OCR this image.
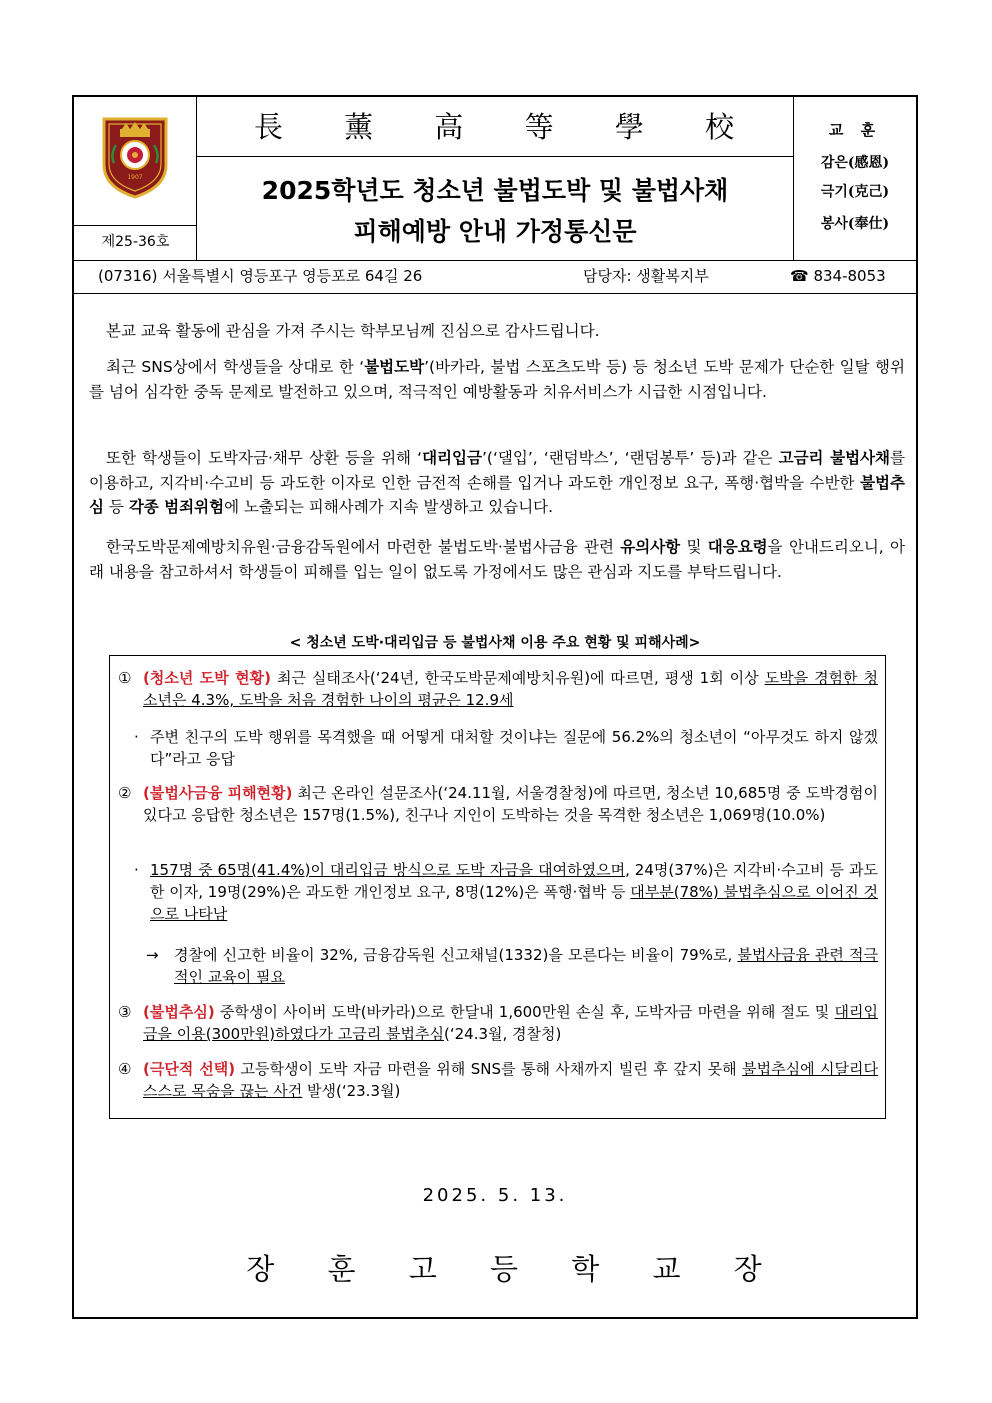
1907
제25-36호
長 薰 高 等 學 校
2025학년도 청소년 불법도박 및 불법사채
피해예방 안내 가정통신문
교 훈
감은(感恩)
극기(克己)
봉사(奉仕)
(07316) 서울특별시 영등포구 영등포로 64길 26	담당자: 생활복지부	☎ 834-8053
본교 교육 활동에 관심을 가져 주시는 학부모님께 진심으로 감사드립니다.
최근 SNS상에서 학생들을 상대로 한 ‘불법도박’(바카라, 불법 스포츠도박 등) 등 청소년 도박 문제가 단순한 일탈 행위를 넘어 심각한 중독 문제로 발전하고 있으며, 적극적인 예방활동과 치유서비스가 시급한 시점입니다.
또한 학생들이 도박자금·채무 상환 등을 위해 ‘대리입금’(‘댈입’, ‘랜덤박스’, ‘랜덤봉투’ 등)과 같은 고금리 불법사채를 이용하고, 지각비·수고비 등 과도한 이자로 인한 금전적 손해를 입거나 과도한 개인정보 요구, 폭행·협박을 수반한 불법추심 등 각종 범죄위험에 노출되는 피해사례가 지속 발생하고 있습니다.
한국도박문제예방치유원·금융감독원에서 마련한 불법도박·불법사금융 관련 유의사항 및 대응요령을 안내드리오니, 아래 내용을 참고하셔서 학생들이 피해를 입는 일이 없도록 가정에서도 많은 관심과 지도를 부탁드립니다.
< 청소년 도박·대리입금 등 불법사채 이용 주요 현황 및 피해사례>
① (청소년 도박 현황) 최근 실태조사(‘24년, 한국도박문제예방치유원)에 따르면, 평생 1회 이상 도박을 경험한 청소년은 4.3%, 도박을 처음 경험한 나이의 평균은 12.9세
· 주변 친구의 도박 행위를 목격했을 때 어떻게 대처할 것이냐는 질문에 56.2%의 청소년이 “아무것도 하지 않겠다”라고 응답
② (불법사금융 피해현황) 최근 온라인 설문조사(‘24.11월, 서울경찰청)에 따르면, 청소년 10,685명 중 도박경험이 있다고 응답한 청소년은 157명(1.5%), 친구나 지인이 도박하는 것을 목격한 청소년은 1,069명(10.0%)
· 157명 중 65명(41.4%)이 대리입금 방식으로 도박 자금을 대여하였으며, 24명(37%)은 지각비·수고비 등 과도한 이자, 19명(29%)은 과도한 개인정보 요구, 8명(12%)은 폭행·협박 등 대부분(78%) 불법추심으로 이어진 것으로 나타남
→	경찰에 신고한 비율이 32%, 금융감독원 신고채널(1332)을 모른다는 비율이 79%로, 불법사금융 관련 적극적인 교육이 필요
③ (불법추심) 중학생이 사이버 도박(바카라)으로 한달내 1,600만원 손실 후, 도박자금 마련을 위해 절도 및 대리입금을 이용(300만원)하였다가 고금리 불법추심(‘24.3월, 경찰청)
④ (극단적 선택) 고등학생이 도박 자금 마련을 위해 SNS를 통해 사채까지 빌린 후 갚지 못해 불법추심에 시달리다 스스로 목숨을 끊는 사건 발생(‘23.3월)
2025. 5. 13.
장 훈 고 등 학 교 장
